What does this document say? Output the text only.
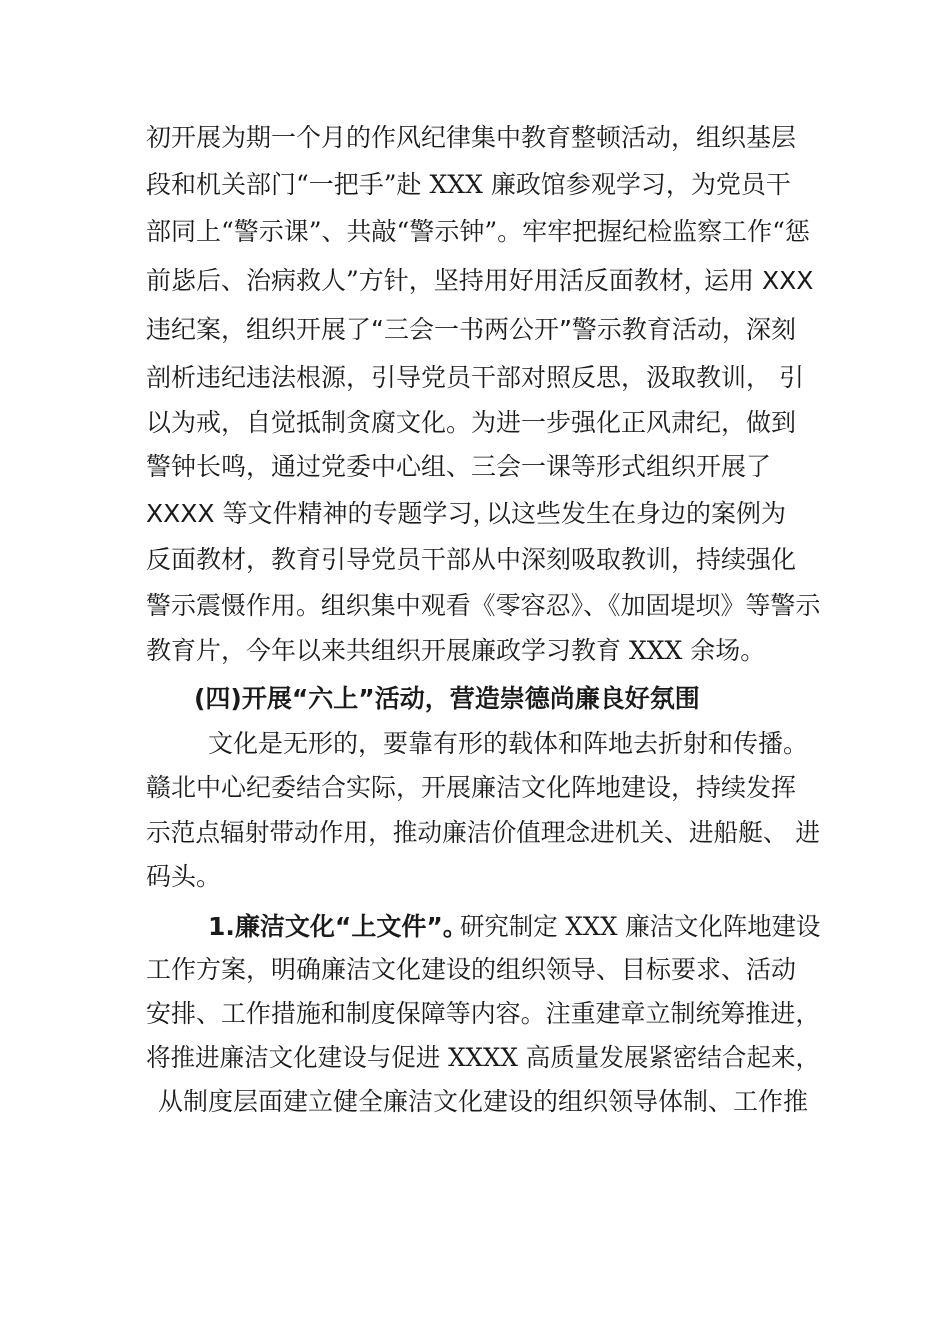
初开展为期一个月的作风纪律集中教育整顿活动，组织基层
段和机关部门“一把手”赴 XXX 廉政馆参观学习，为党员干
部同上“警示课”、共敲“警示钟”。牢牢把握纪检监察工作“惩
前毖后、治病救人”方针，坚持用好用活反面教材，
运用 XXX
违纪案，组织开展了“三会一书两公开”警示教育活动， 深刻
剖析违纪违法根源，引导党员干部对照反思，汲取教训， 引
以为戒，自觉抵制贪腐文化。为进一步强化正风肃纪，做到
警钟长鸣，通过党委中心组、三会一课等形式组织开展了
XXXX 等文件精神的专题学习，
以这些发生在身边的案例为
反面教材，教育引导党员干部从中深刻吸取教训，持续强化
警示震慑作用。组织集中观看《零容忍》、《加固堤坝》等警示
教育片，今年以来共组织开展廉政学习教育 XXX 余场。
(四)开展“六上”活动，营造崇德尚廉良好氛围
文化是无形的，要靠有形的载体和阵地去折射和传播。
赣北中心纪委结合实际，开展廉洁文化阵地建设，持续发挥
示范点辐射带动作用，推动廉洁价值理念进机关、进船艇、 进
码头。
1.廉洁文化“上文件”。
研究制定 XXX 廉洁文化阵地建设
工作方案，明确廉洁文化建设的组织领导、目标要求、活动
安排、工作措施和制度保障等内容。注重建章立制统筹推进，
将推进廉洁文化建设与促进 XXXX 高质量发展紧密结合起来，
从制度层面建立健全廉洁文化建设的组织领导体制、工作推
